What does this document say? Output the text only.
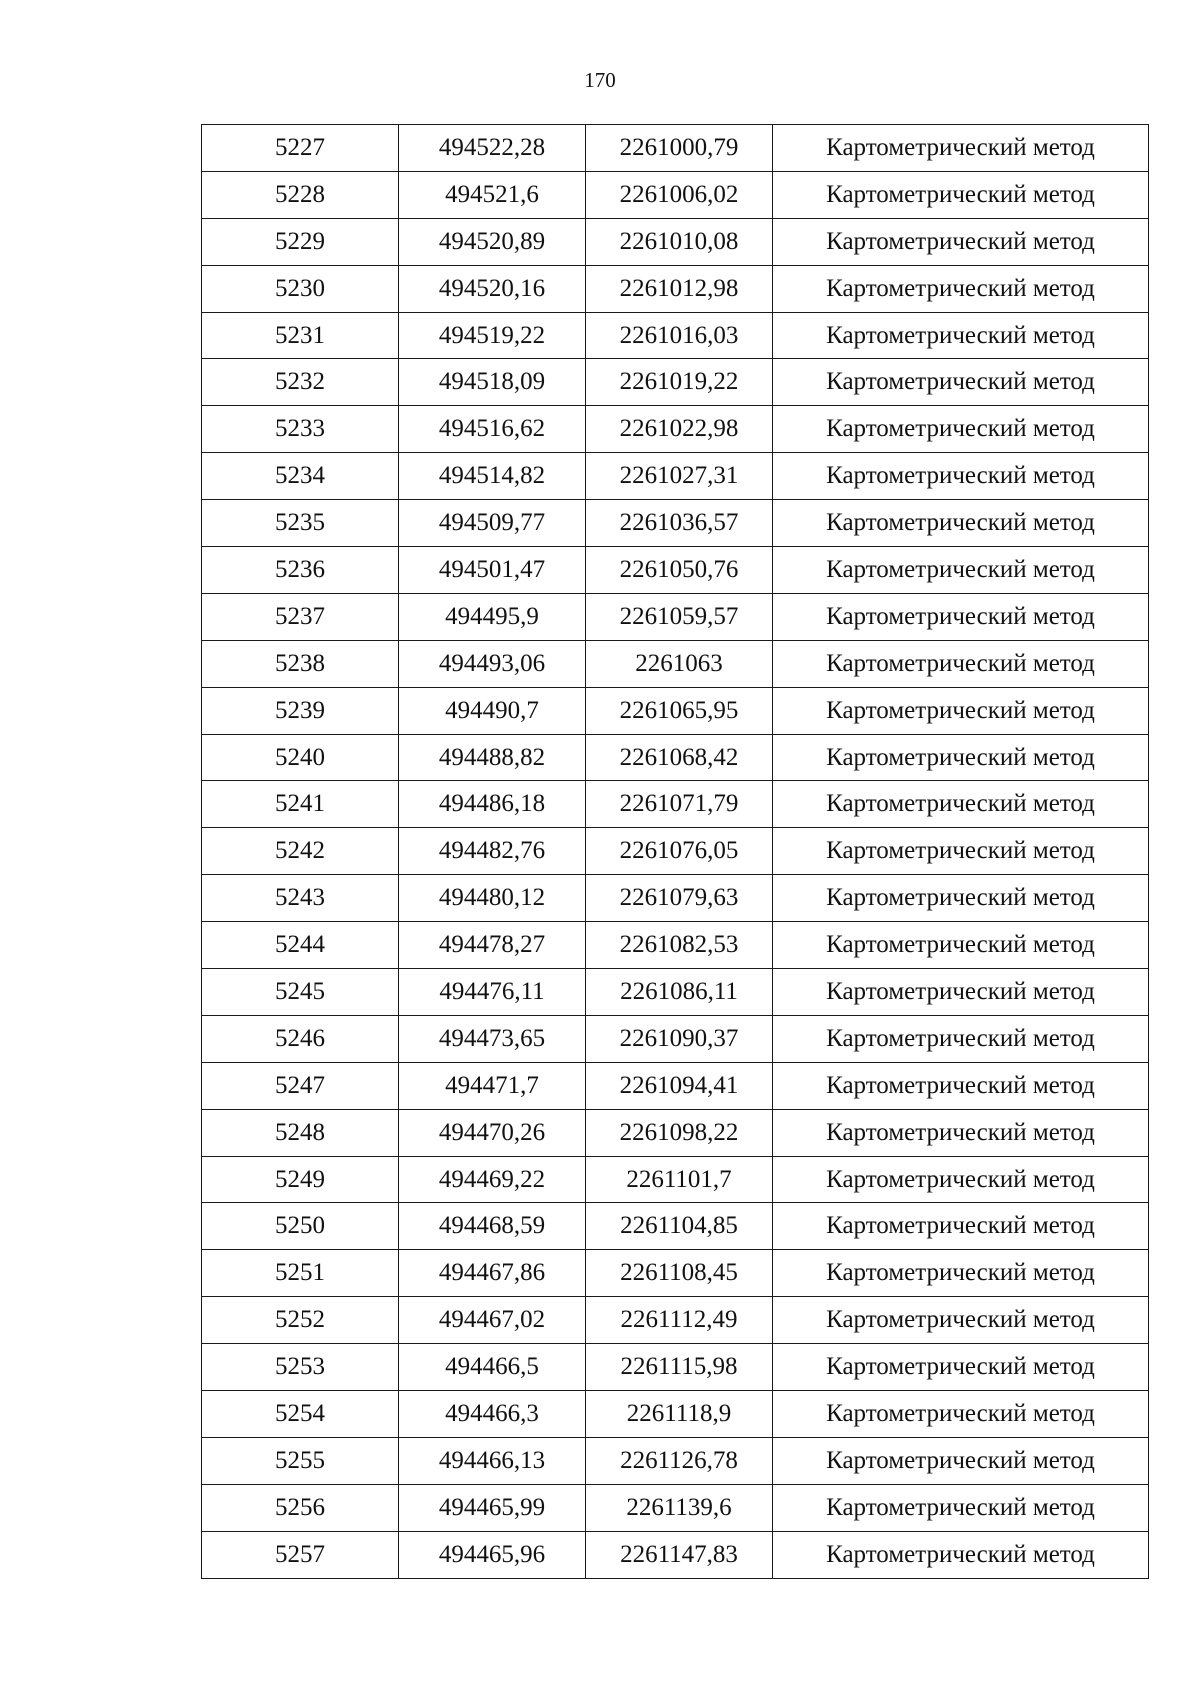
170
5227	494522,28	2261000,79	Картометрический метод
5228	494521,6	2261006,02	Картометрический метод
5229	494520,89	2261010,08	Картометрический метод
5230	494520,16	2261012,98	Картометрический метод
5231	494519,22	2261016,03	Картометрический метод
5232	494518,09	2261019,22	Картометрический метод
5233	494516,62	2261022,98	Картометрический метод
5234	494514,82	2261027,31	Картометрический метод
5235	494509,77	2261036,57	Картометрический метод
5236	494501,47	2261050,76	Картометрический метод
5237	494495,9	2261059,57	Картометрический метод
5238	494493,06	2261063	Картометрический метод
5239	494490,7	2261065,95	Картометрический метод
5240	494488,82	2261068,42	Картометрический метод
5241	494486,18	2261071,79	Картометрический метод
5242	494482,76	2261076,05	Картометрический метод
5243	494480,12	2261079,63	Картометрический метод
5244	494478,27	2261082,53	Картометрический метод
5245	494476,11	2261086,11	Картометрический метод
5246	494473,65	2261090,37	Картометрический метод
5247	494471,7	2261094,41	Картометрический метод
5248	494470,26	2261098,22	Картометрический метод
5249	494469,22	2261101,7	Картометрический метод
5250	494468,59	2261104,85	Картометрический метод
5251	494467,86	2261108,45	Картометрический метод
5252	494467,02	2261112,49	Картометрический метод
5253	494466,5	2261115,98	Картометрический метод
5254	494466,3	2261118,9	Картометрический метод
5255	494466,13	2261126,78	Картометрический метод
5256	494465,99	2261139,6	Картометрический метод
5257	494465,96	2261147,83	Картометрический метод
